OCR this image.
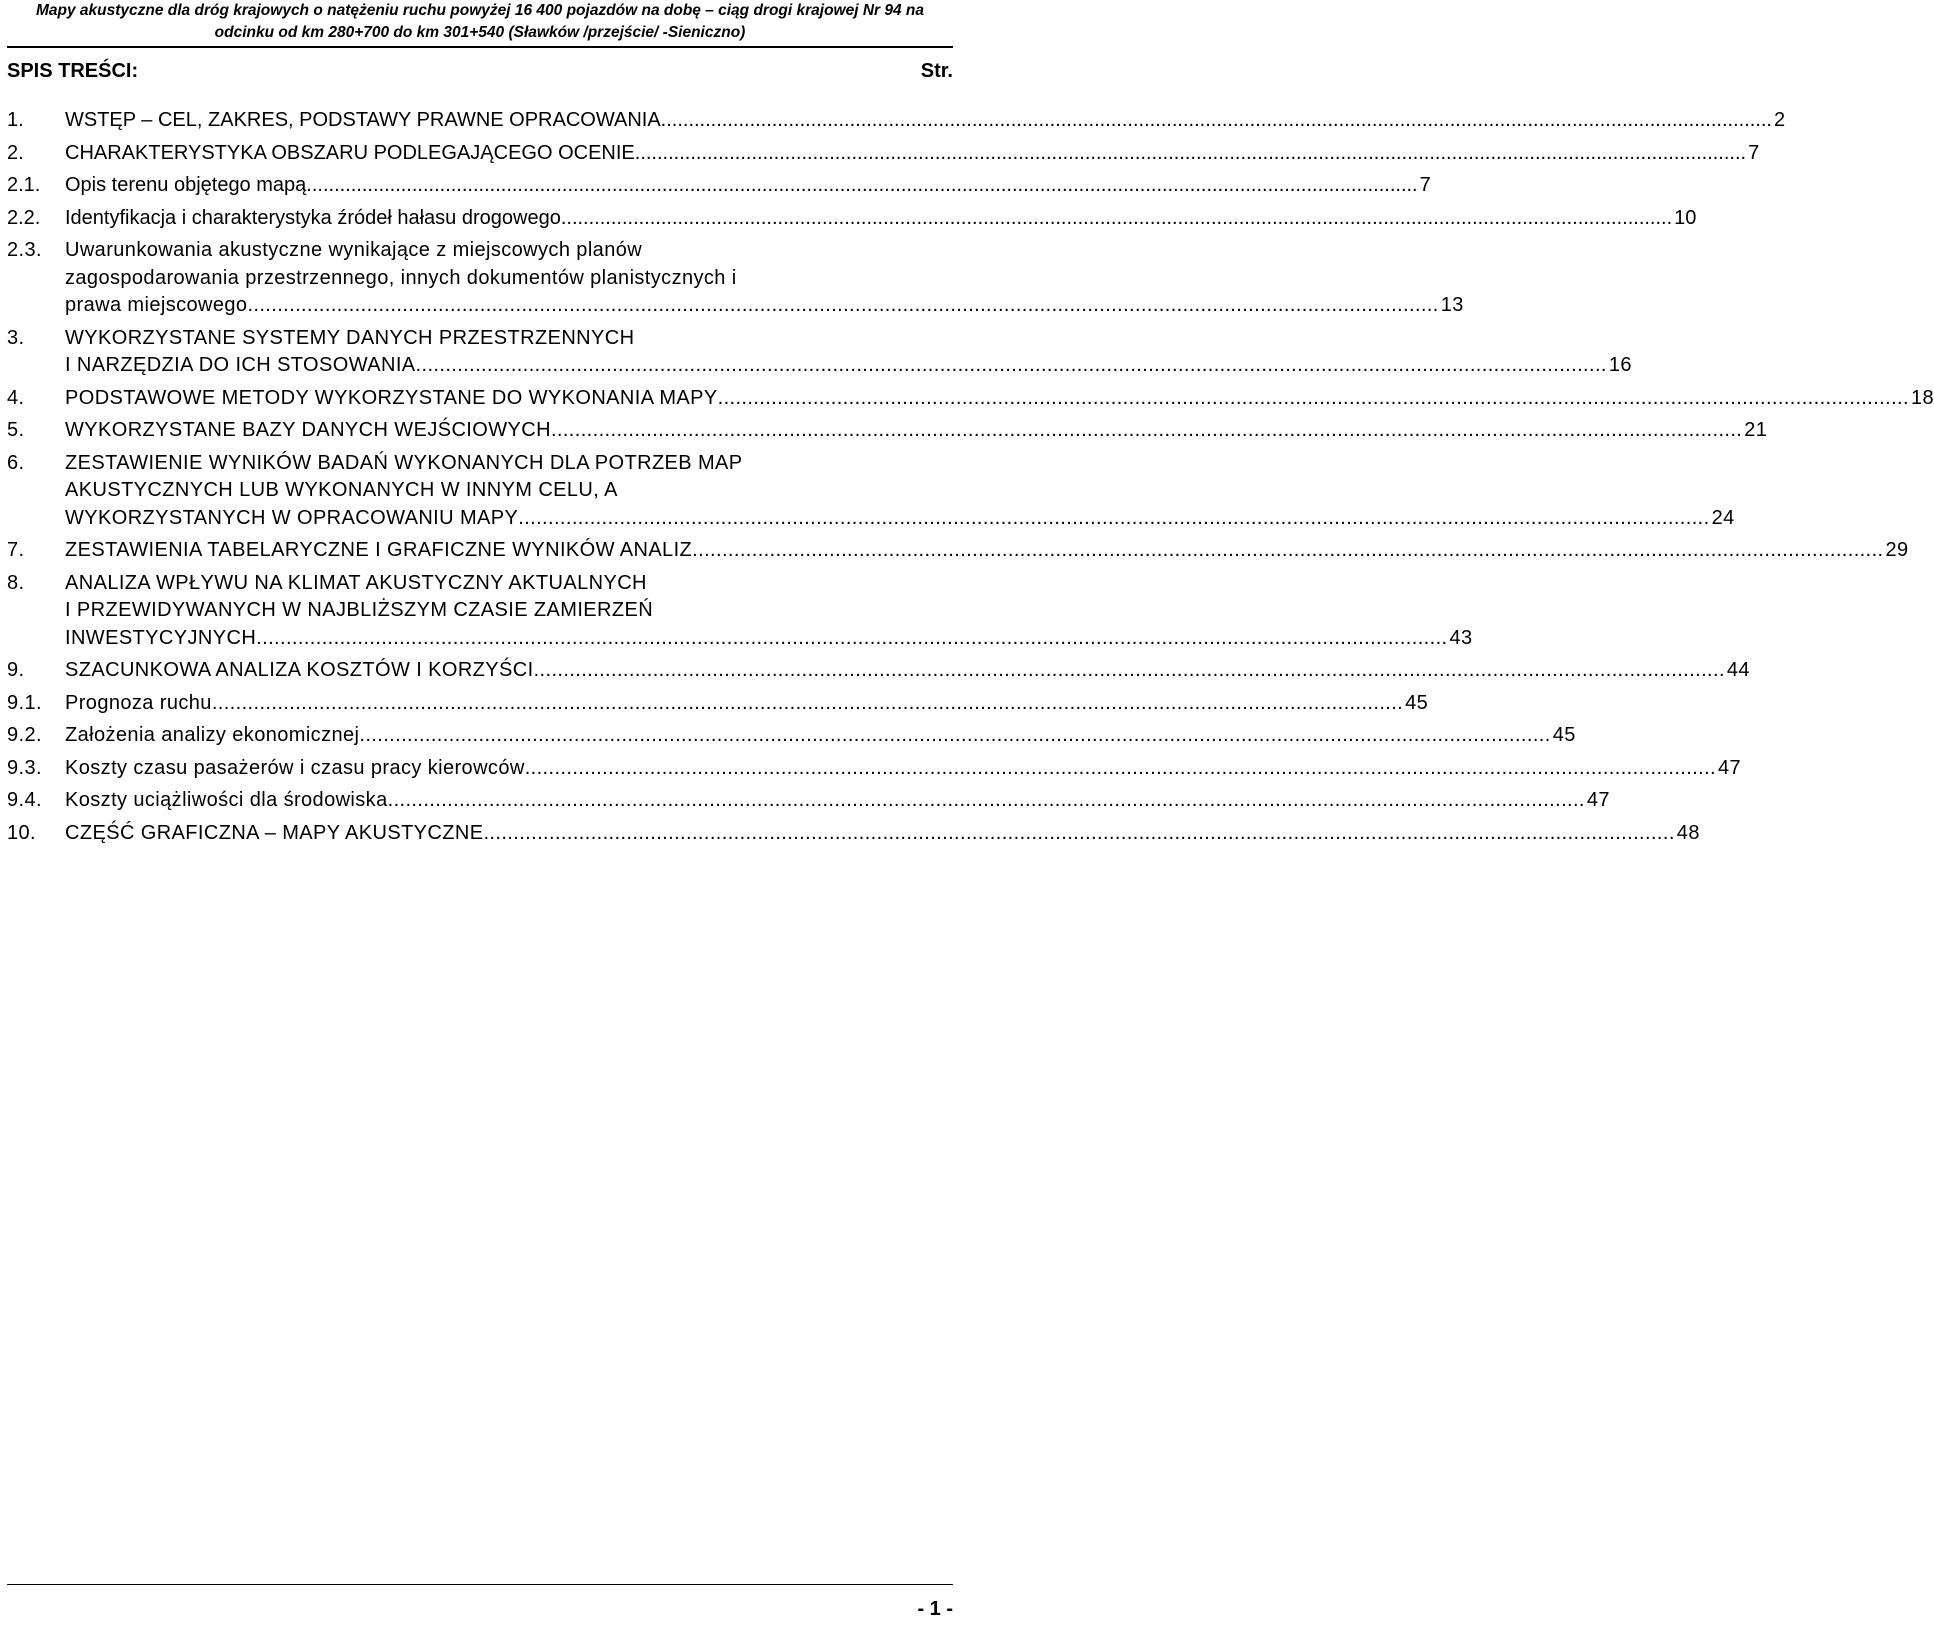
Mapy akustyczne dla dróg krajowych o natężeniu ruchu powyżej 16 400 pojazdów na dobę – ciąg drogi krajowej Nr 94 na
odcinku od km 280+700 do km 301+540 (Sławków /przejście/ -Sieniczno)
SPIS TREŚCI:	Str.
1.	WSTĘP – CEL, ZAKRES, PODSTAWY PRAWNE OPRACOWANIA .....	2
2.	CHARAKTERYSTYKA OBSZARU PODLEGAJĄCEGO OCENIE .....	7
2.1.	Opis terenu objętego mapą .....	7
2.2.	Identyfikacja i charakterystyka źródeł hałasu drogowego .....	10
2.3.	Uwarunkowania akustyczne wynikające z miejscowych planów
zagospodarowania przestrzennego, innych dokumentów planistycznych i
prawa miejscowego .....	13
3.	WYKORZYSTANE SYSTEMY DANYCH PRZESTRZENNYCH
I NARZĘDZIA DO ICH STOSOWANIA .....	16
4.	PODSTAWOWE METODY WYKORZYSTANE DO WYKONANIA MAPY .....	18
5.	WYKORZYSTANE BAZY DANYCH WEJŚCIOWYCH .....	21
6.	ZESTAWIENIE WYNIKÓW BADAŃ WYKONANYCH DLA POTRZEB MAP
AKUSTYCZNYCH LUB WYKONANYCH W INNYM CELU, A
WYKORZYSTANYCH W OPRACOWANIU MAPY .....	24
7.	ZESTAWIENIA TABELARYCZNE I GRAFICZNE WYNIKÓW ANALIZ .....	29
8.	ANALIZA WPŁYWU NA KLIMAT AKUSTYCZNY AKTUALNYCH
I PRZEWIDYWANYCH W NAJBLIŻSZYM CZASIE ZAMIERZEŃ
INWESTYCYJNYCH .....	43
9.	SZACUNKOWA ANALIZA KOSZTÓW I KORZYŚCI .....	44
9.1.	Prognoza ruchu .....	45
9.2.	Założenia analizy ekonomicznej .....	45
9.3.	Koszty czasu pasażerów i czasu pracy kierowców .....	47
9.4.	Koszty uciążliwości dla środowiska. .....	47
10.	CZĘŚĆ GRAFICZNA – MAPY AKUSTYCZNE .....	48
- 1 -
